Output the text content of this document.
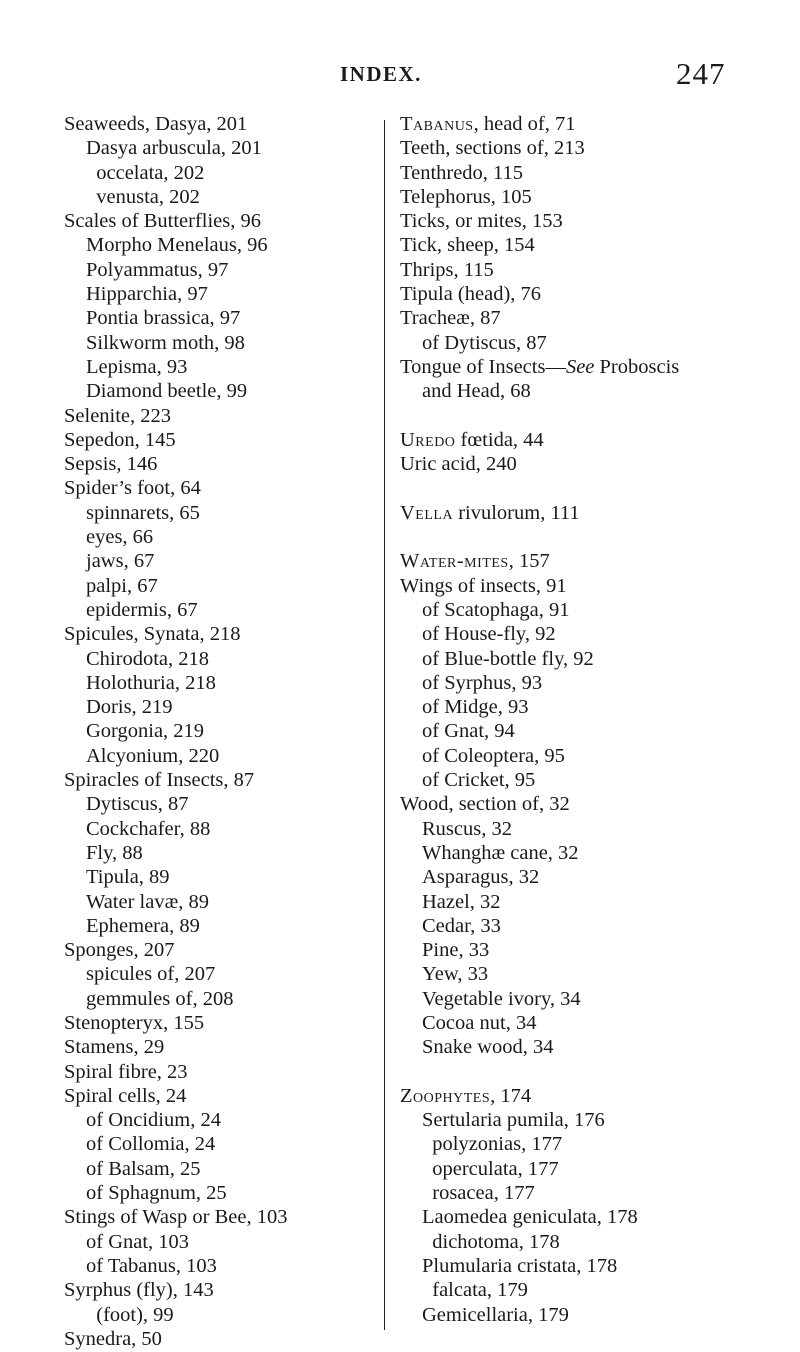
INDEX.	247
Seaweeds, Dasya, 201
Dasya arbuscula, 201
occelata, 202
venusta, 202
Scales of Butterflies, 96
Morpho Menelaus, 96
Polyammatus, 97
Hipparchia, 97
Pontia brassica, 97
Silkworm moth, 98
Lepisma, 93
Diamond beetle, 99
Selenite, 223
Sepedon, 145
Sepsis, 146
Spider’s foot, 64
spinnarets, 65
eyes, 66
jaws, 67
palpi, 67
epidermis, 67
Spicules, Synata, 218
Chirodota, 218
Holothuria, 218
Doris, 219
Gorgonia, 219
Alcyonium, 220
Spiracles of Insects, 87
Dytiscus, 87
Cockchafer, 88
Fly, 88
Tipula, 89
Water lavæ, 89
Ephemera, 89
Sponges, 207
spicules of, 207
gemmules of, 208
Stenopteryx, 155
Stamens, 29
Spiral fibre, 23
Spiral cells, 24
of Oncidium, 24
of Collomia, 24
of Balsam, 25
of Sphagnum, 25
Stings of Wasp or Bee, 103
of Gnat, 103
of Tabanus, 103
Syrphus (fly), 143
(foot), 99
Synedra, 50
Tabanus, head of, 71
Teeth, sections of, 213
Tenthredo, 115
Telephorus, 105
Ticks, or mites, 153
Tick, sheep, 154
Thrips, 115
Tipula (head), 76
Tracheæ, 87
of Dytiscus, 87
Tongue of Insects—See Proboscis
and Head, 68
Uredo fœtida, 44
Uric acid, 240
Vella rivulorum, 111
Water-mites, 157
Wings of insects, 91
of Scatophaga, 91
of House-fly, 92
of Blue-bottle fly, 92
of Syrphus, 93
of Midge, 93
of Gnat, 94
of Coleoptera, 95
of Cricket, 95
Wood, section of, 32
Ruscus, 32
Whanghæ cane, 32
Asparagus, 32
Hazel, 32
Cedar, 33
Pine, 33
Yew, 33
Vegetable ivory, 34
Cocoa nut, 34
Snake wood, 34
Zoophytes, 174
Sertularia pumila, 176
polyzonias, 177
operculata, 177
rosacea, 177
Laomedea geniculata, 178
dichotoma, 178
Plumularia cristata, 178
falcata, 179
Gemicellaria, 179
